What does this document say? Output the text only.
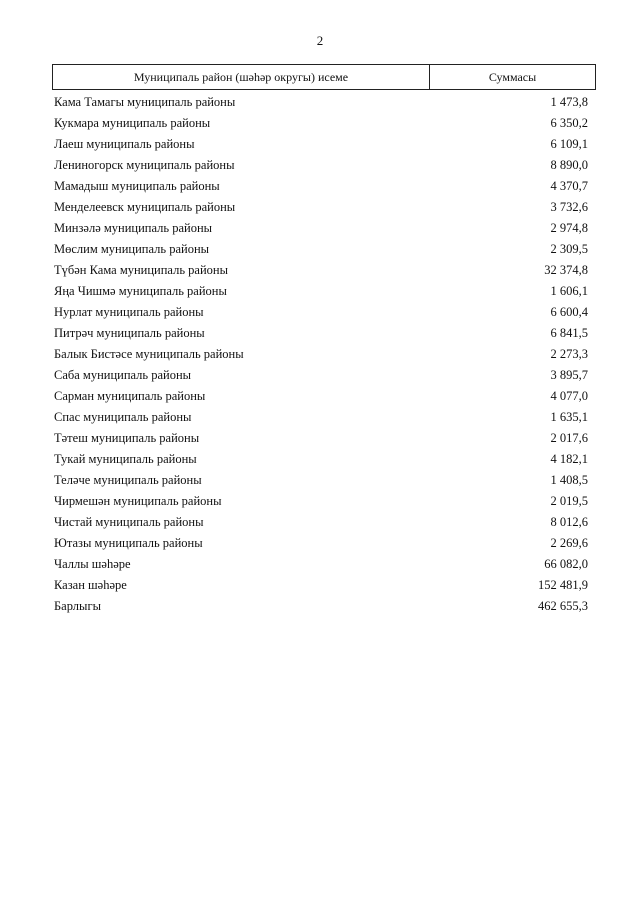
2
Муниципаль район (шәһәр округы) исеме	Суммасы
Кама Тамагы муниципаль районы	1 473,8
Кукмара муниципаль районы	6 350,2
Лаеш муниципаль районы	6 109,1
Лениногорск муниципаль районы	8 890,0
Мамадыш муниципаль районы	4 370,7
Менделеевск муниципаль районы	3 732,6
Минзәлә муниципаль районы	2 974,8
Мөслим муниципаль районы	2 309,5
Түбән Кама муниципаль районы	32 374,8
Яңа Чишмә муниципаль районы	1 606,1
Нурлат муниципаль районы	6 600,4
Питрәч муниципаль районы	6 841,5
Балык Бистәсе муниципаль районы	2 273,3
Саба муниципаль районы	3 895,7
Сарман муниципаль районы	4 077,0
Спас муниципаль районы	1 635,1
Тәтеш муниципаль районы	2 017,6
Тукай муниципаль районы	4 182,1
Теләче муниципаль районы	1 408,5
Чирмешән муниципаль районы	2 019,5
Чистай муниципаль районы	8 012,6
Ютазы муниципаль районы	2 269,6
Чаллы шәһәре	66 082,0
Казан шәһәре	152 481,9
Барлыгы	462 655,3
